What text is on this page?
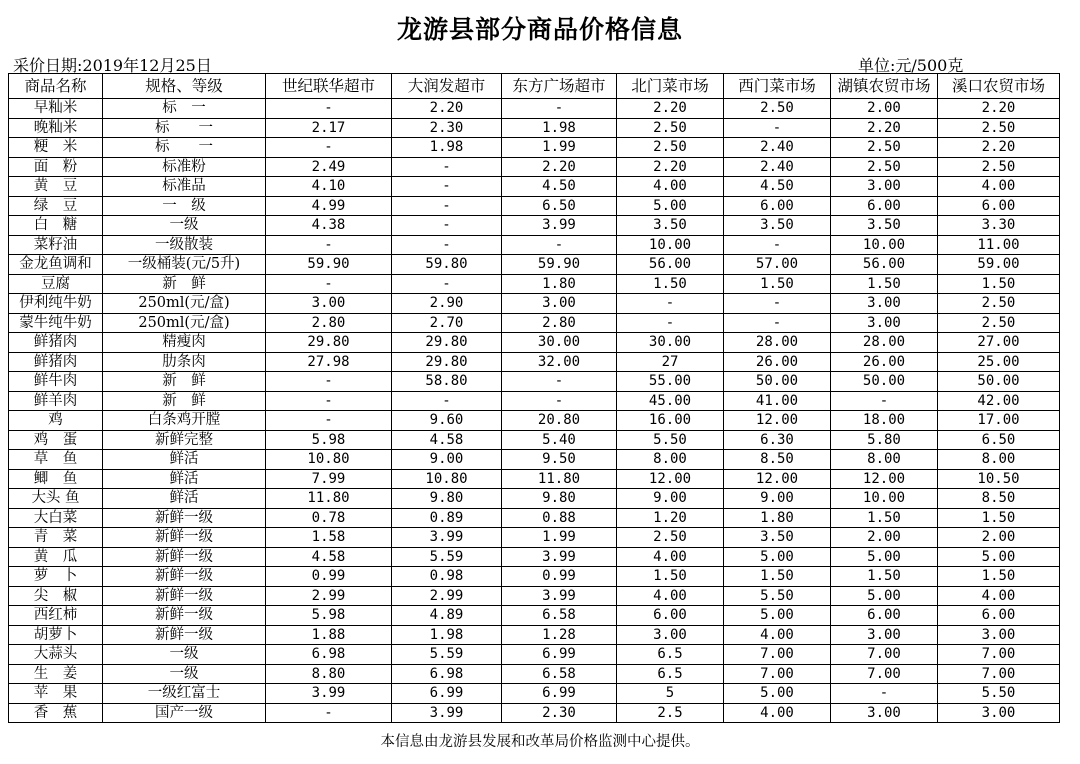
龙游县部分商品价格信息
采价日期:2019年12月25日	单位:元/500克
商品名称	规格、等级	世纪联华超市	大润发超市	东方广场超市	北门菜市场	西门菜市场	湖镇农贸市场	溪口农贸市场
早籼米	标　一	-	2.20	-	2.20	2.50	2.00	2.20
晚籼米	标　　一	2.17	2.30	1.98	2.50	-	2.20	2.50
粳　米	标　　一	-	1.98	1.99	2.50	2.40	2.50	2.20
面　粉	标准粉	2.49	-	2.20	2.20	2.40	2.50	2.50
黄　豆	标准品	4.10	-	4.50	4.00	4.50	3.00	4.00
绿　豆	一　级	4.99	-	6.50	5.00	6.00	6.00	6.00
白　糖	一级	4.38	-	3.99	3.50	3.50	3.50	3.30
菜籽油	一级散装	-	-	-	10.00	-	10.00	11.00
金龙鱼调和	一级桶装(元/5升)	59.90	59.80	59.90	56.00	57.00	56.00	59.00
豆腐	新　鲜	-	-	1.80	1.50	1.50	1.50	1.50
伊利纯牛奶	250ml(元/盒)	3.00	2.90	3.00	-	-	3.00	2.50
蒙牛纯牛奶	250ml(元/盒)	2.80	2.70	2.80	-	-	3.00	2.50
鲜猪肉	精瘦肉	29.80	29.80	30.00	30.00	28.00	28.00	27.00
鲜猪肉	肋条肉	27.98	29.80	32.00	27	26.00	26.00	25.00
鲜牛肉	新　鲜	-	58.80	-	55.00	50.00	50.00	50.00
鲜羊肉	新　鲜	-	-	-	45.00	41.00	-	42.00
鸡	白条鸡开膛	-	9.60	20.80	16.00	12.00	18.00	17.00
鸡　蛋	新鲜完整	5.98	4.58	5.40	5.50	6.30	5.80	6.50
草　鱼	鲜活	10.80	9.00	9.50	8.00	8.50	8.00	8.00
鲫　鱼	鲜活	7.99	10.80	11.80	12.00	12.00	12.00	10.50
大头 鱼	鲜活	11.80	9.80	9.80	9.00	9.00	10.00	8.50
大白菜	新鲜一级	0.78	0.89	0.88	1.20	1.80	1.50	1.50
青　菜	新鲜一级	1.58	3.99	1.99	2.50	3.50	2.00	2.00
黄　瓜	新鲜一级	4.58	5.59	3.99	4.00	5.00	5.00	5.00
萝　卜	新鲜一级	0.99	0.98	0.99	1.50	1.50	1.50	1.50
尖　椒	新鲜一级	2.99	2.99	3.99	4.00	5.50	5.00	4.00
西红柿	新鲜一级	5.98	4.89	6.58	6.00	5.00	6.00	6.00
胡萝卜	新鲜一级	1.88	1.98	1.28	3.00	4.00	3.00	3.00
大蒜头	一级	6.98	5.59	6.99	6.5	7.00	7.00	7.00
生　姜	一级	8.80	6.98	6.58	6.5	7.00	7.00	7.00
苹　果	一级红富士	3.99	6.99	6.99	5	5.00	-	5.50
香　蕉	国产一级	-	3.99	2.30	2.5	4.00	3.00	3.00
本信息由龙游县发展和改革局价格监测中心提供。
